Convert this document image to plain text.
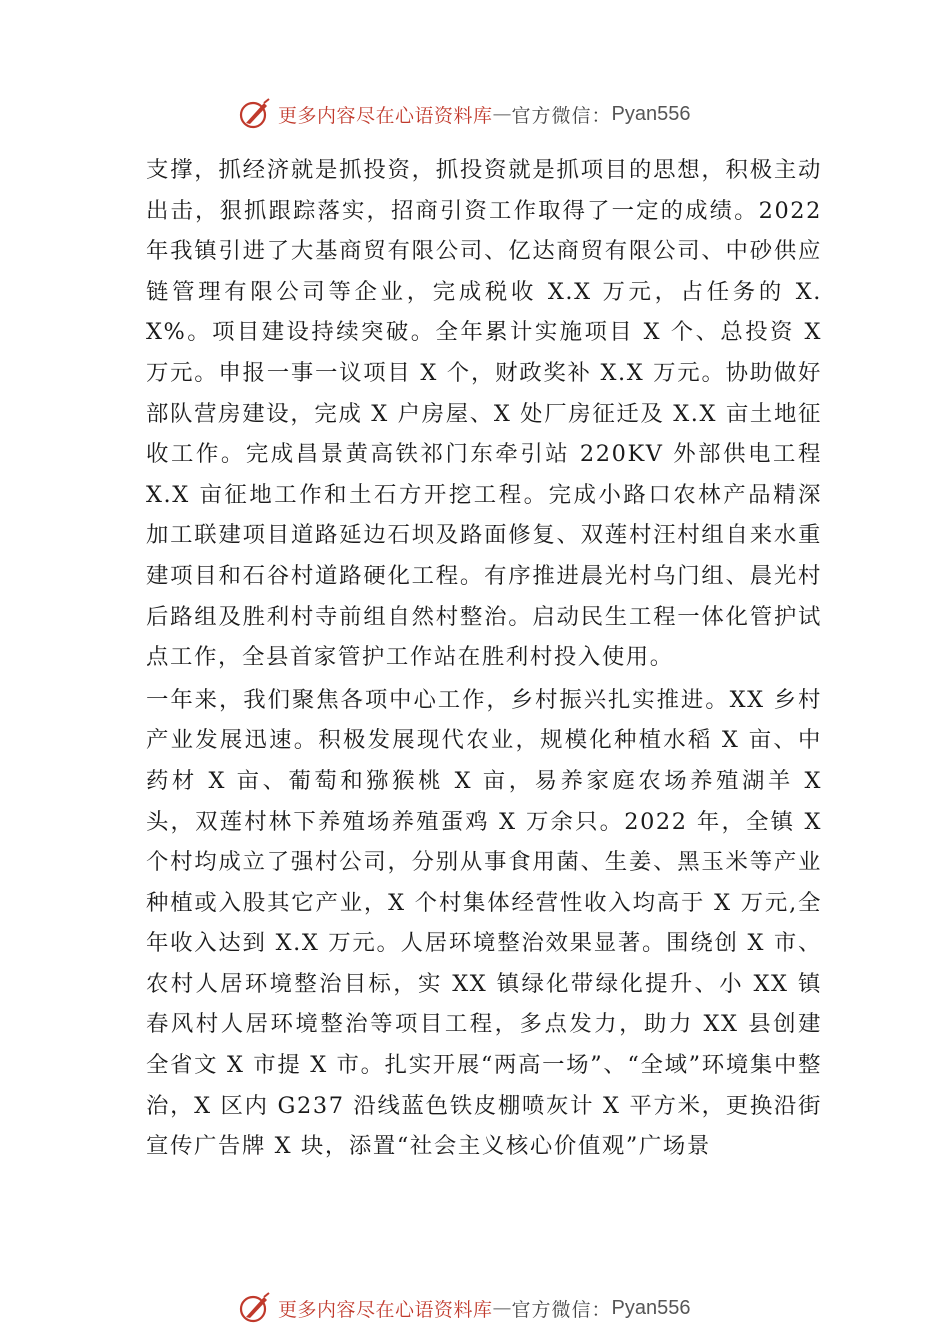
更多内容尽在心语资料库 — 官方微信： Pyan556

支撑，抓经济就是抓投资，抓投资就是抓项目的思想，积极主动出击，狠抓跟踪落实，招商引资工作取得了一定的成绩。2022 年我镇引进了大基商贸有限公司、亿达商贸有限公司、中砂供应链管理有限公司等企业，完成税收 X.X 万元，占任务的 X.X%。项目建设持续突破。全年累计实施项目 X 个、总投资 X 万元。申报一事一议项目 X 个，财政奖补 X.X 万元。协助做好部队营房建设，完成 X 户房屋、X 处厂房征迁及 X.X 亩土地征收工作。完成昌景黄高铁祁门东牵引站 220KV 外部供电工程 X.X 亩征地工作和土石方开挖工程。完成小路口农林产品精深加工联建项目道路延边石坝及路面修复、双莲村汪村组自来水重建项目和石谷村道路硬化工程。有序推进晨光村乌门组、晨光村后路组及胜利村寺前组自然村整治。启动民生工程一体化管护试点工作，全县首家管护工作站在胜利村投入使用。

一年来，我们聚焦各项中心工作，乡村振兴扎实推进。XX 乡村产业发展迅速。积极发展现代农业，规模化种植水稻 X 亩、中药材 X 亩、葡萄和猕猴桃 X 亩，易养家庭农场养殖湖羊 X 头，双莲村林下养殖场养殖蛋鸡 X 万余只。2022 年，全镇 X 个村均成立了强村公司，分别从事食用菌、生姜、黑玉米等产业种植或入股其它产业，X 个村集体经营性收入均高于 X 万元,全年收入达到 X.X 万元。人居环境整治效果显著。围绕创 X 市、农村人居环境整治目标，实 XX 镇绿化带绿化提升、小 XX 镇春风村人居环境整治等项目工程，多点发力，助力 XX 县创建全省文 X 市提 X 市。扎实开展“两高一场”、“全域”环境集中整治，X 区内 G237 沿线蓝色铁皮棚喷灰计 X 平方米，更换沿街宣传广告牌 X 块，添置“社会主义核心价值观”广场景

更多内容尽在心语资料库 — 官方微信： Pyan556
